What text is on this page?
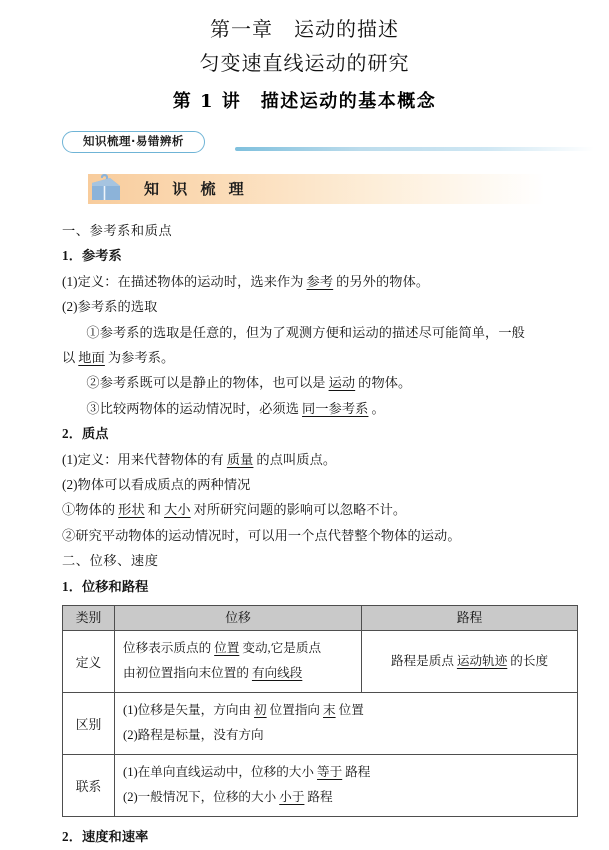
第一章　运动的描述
匀变速直线运动的研究
第 1 讲　描述运动的基本概念
知识梳理·易错辨析
知 识 梳 理
一、参考系和质点
1．参考系
(1)定义：在描述物体的运动时，选来作为 参考 的另外的物体。
(2)参考系的选取
①参考系的选取是任意的，但为了观测方便和运动的描述尽可能简单，一般
以 地面 为参考系。
②参考系既可以是静止的物体，也可以是 运动 的物体。
③比较两物体的运动情况时，必须选 同一参考系 。
2．质点
(1)定义：用来代替物体的有 质量 的点叫质点。
(2)物体可以看成质点的两种情况
①物体的 形状 和 大小 对所研究问题的影响可以忽略不计。
②研究平动物体的运动情况时，可以用一个点代替整个物体的运动。
二、位移、速度
1．位移和路程
类别	位移	路程
定义	位移表示质点的 位置 变动,它是质点
由初位置指向末位置的 有向线段	路程是质点 运动轨迹 的长度

区别	(1)位移是矢量，方向由 初 位置指向 末 位置
(2)路程是标量，没有方向	

联系	(1)在单向直线运动中，位移的大小 等于 路程
(2)一般情况下，位移的大小 小于 路程	
2．速度和速率
